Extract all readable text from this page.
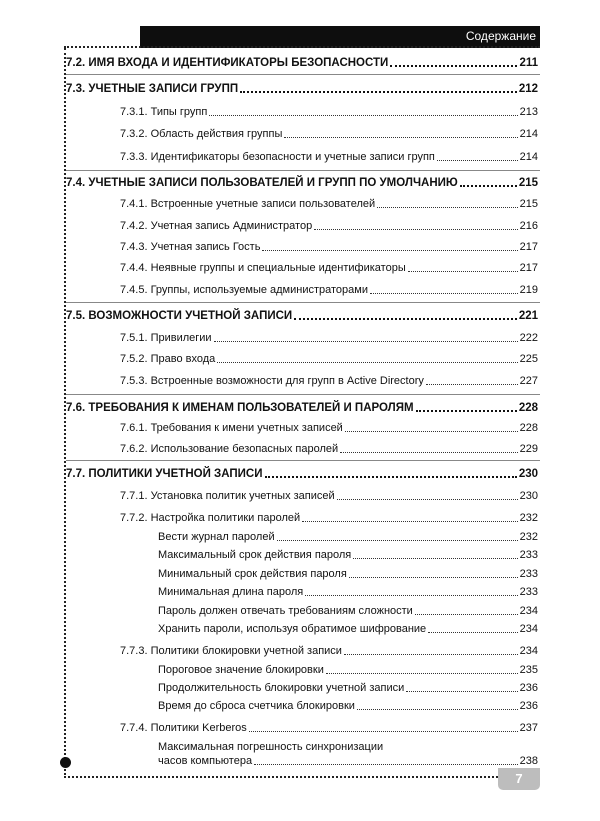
Содержание
7
7.2. ИМЯ ВХОДА И ИДЕНТИФИКАТОРЫ БЕЗОПАСНОСТИ	211
7.3. УЧЕТНЫЕ ЗАПИСИ ГРУПП	212
7.3.1. Типы групп	213
7.3.2. Область действия группы	214
7.3.3. Идентификаторы безопасности и учетные записи групп	214
7.4. УЧЕТНЫЕ ЗАПИСИ ПОЛЬЗОВАТЕЛЕЙ И ГРУПП ПО УМОЛЧАНИЮ	215
7.4.1. Встроенные учетные записи пользователей	215
7.4.2. Учетная запись Администратор	216
7.4.3. Учетная запись Гость	217
7.4.4. Неявные группы и специальные идентификаторы	217
7.4.5. Группы, используемые администраторами	219
7.5. ВОЗМОЖНОСТИ УЧЕТНОЙ ЗАПИСИ	221
7.5.1. Привилегии	222
7.5.2. Право входа	225
7.5.3. Встроенные возможности для групп в Active Directory	227
7.6. ТРЕБОВАНИЯ К ИМЕНАМ ПОЛЬЗОВАТЕЛЕЙ И ПАРОЛЯМ	228
7.6.1. Требования к имени учетных записей	228
7.6.2. Использование безопасных паролей	229
7.7. ПОЛИТИКИ УЧЕТНОЙ ЗАПИСИ	230
7.7.1. Установка политик учетных записей	230
7.7.2. Настройка политики паролей	232
Вести журнал паролей	232
Максимальный срок действия пароля	233
Минимальный срок действия пароля	233
Минимальная длина пароля	233
Пароль должен отвечать требованиям сложности	234
Хранить пароли, используя обратимое шифрование	234
7.7.3. Политики блокировки учетной записи	234
Пороговое значение блокировки	235
Продолжительность блокировки учетной записи	236
Время до сброса счетчика блокировки	236
7.7.4. Политики Kerberos	237
Максимальная погрешность синхронизации
часов компьютера	238
